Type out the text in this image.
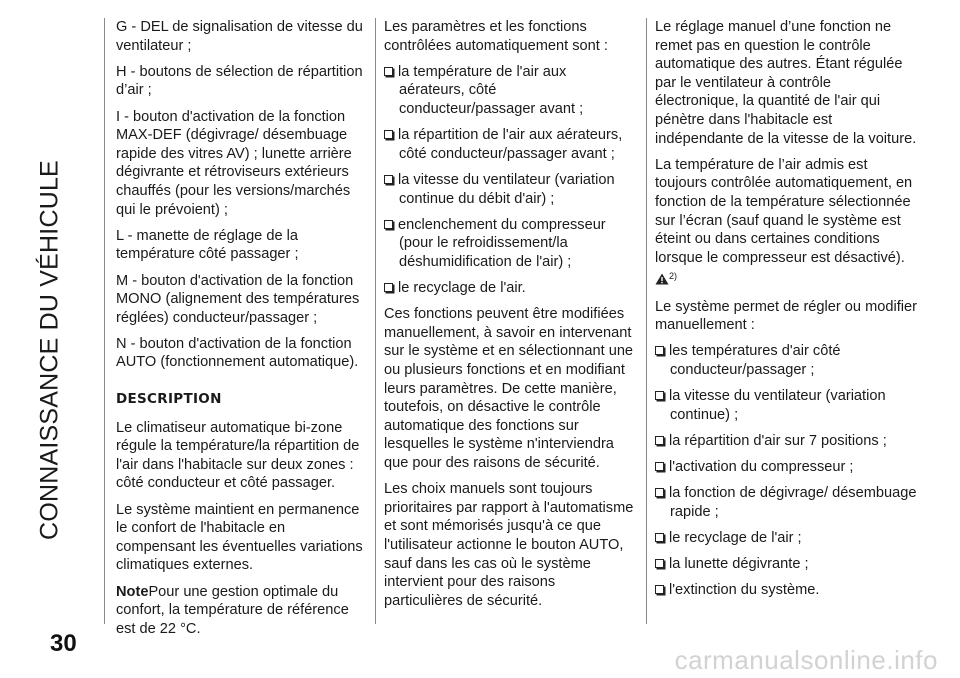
CONNAISSANCE DU VÉHICULE
30

G - DEL de signalisation de vitesse du ventilateur ;

H - boutons de sélection de répartition d’air ;

I - bouton d'activation de la fonction MAX-DEF (dégivrage/ désembuage rapide des vitres AV) ; lunette arrière dégivrante et rétroviseurs extérieurs chauffés (pour les versions/marchés qui le prévoient) ;

L - manette de réglage de la température côté passager ;

M - bouton d'activation de la fonction MONO (alignement des températures réglées) conducteur/passager ;

N - bouton d'activation de la fonction AUTO (fonctionnement automatique).

DESCRIPTION

Le climatiseur automatique bi-zone régule la température/la répartition de l'air dans l'habitacle sur deux zones : côté conducteur et côté passager.

Le système maintient en permanence le confort de l'habitacle en compensant les éventuelles variations climatiques externes.

NotePour une gestion optimale du confort, la température de référence est de 22 °C.

Les paramètres et les fonctions contrôlées automatiquement sont :

la température de l'air aux aérateurs, côté conducteur/passager avant ;

la répartition de l'air aux aérateurs, côté conducteur/passager avant ;

la vitesse du ventilateur (variation continue du débit d'air) ;

enclenchement du compresseur (pour le refroidissement/la déshumidification de l'air) ;

le recyclage de l'air.

Ces fonctions peuvent être modifiées manuellement, à savoir en intervenant sur le système et en sélectionnant une ou plusieurs fonctions et en modifiant leurs paramètres. De cette manière, toutefois, on désactive le contrôle automatique des fonctions sur lesquelles le système n'interviendra que pour des raisons de sécurité.

Les choix manuels sont toujours prioritaires par rapport à l'automatisme et sont mémorisés jusqu'à ce que l'utilisateur actionne le bouton AUTO, sauf dans les cas où le système intervient pour des raisons particulières de sécurité.

Le réglage manuel d’une fonction ne remet pas en question le contrôle automatique des autres. Étant régulée par le ventilateur à contrôle électronique, la quantité de l'air qui pénètre dans l'habitacle est indépendante de la vitesse de la voiture.

La température de l’air admis est toujours contrôlée automatiquement, en fonction de la température sélectionnée sur l’écran (sauf quand le système est éteint ou dans certaines conditions lorsque le compresseur est désactivé). $^{2)}$

Le système permet de régler ou modifier manuellement :

les températures d'air côté conducteur/passager ;

la vitesse du ventilateur (variation continue) ;

la répartition d'air sur 7 positions ;

l'activation du compresseur ;

la fonction de dégivrage/ désembuage rapide ;

le recyclage de l'air ;

la lunette dégivrante ;

l'extinction du système.

carmanualsonline.info
